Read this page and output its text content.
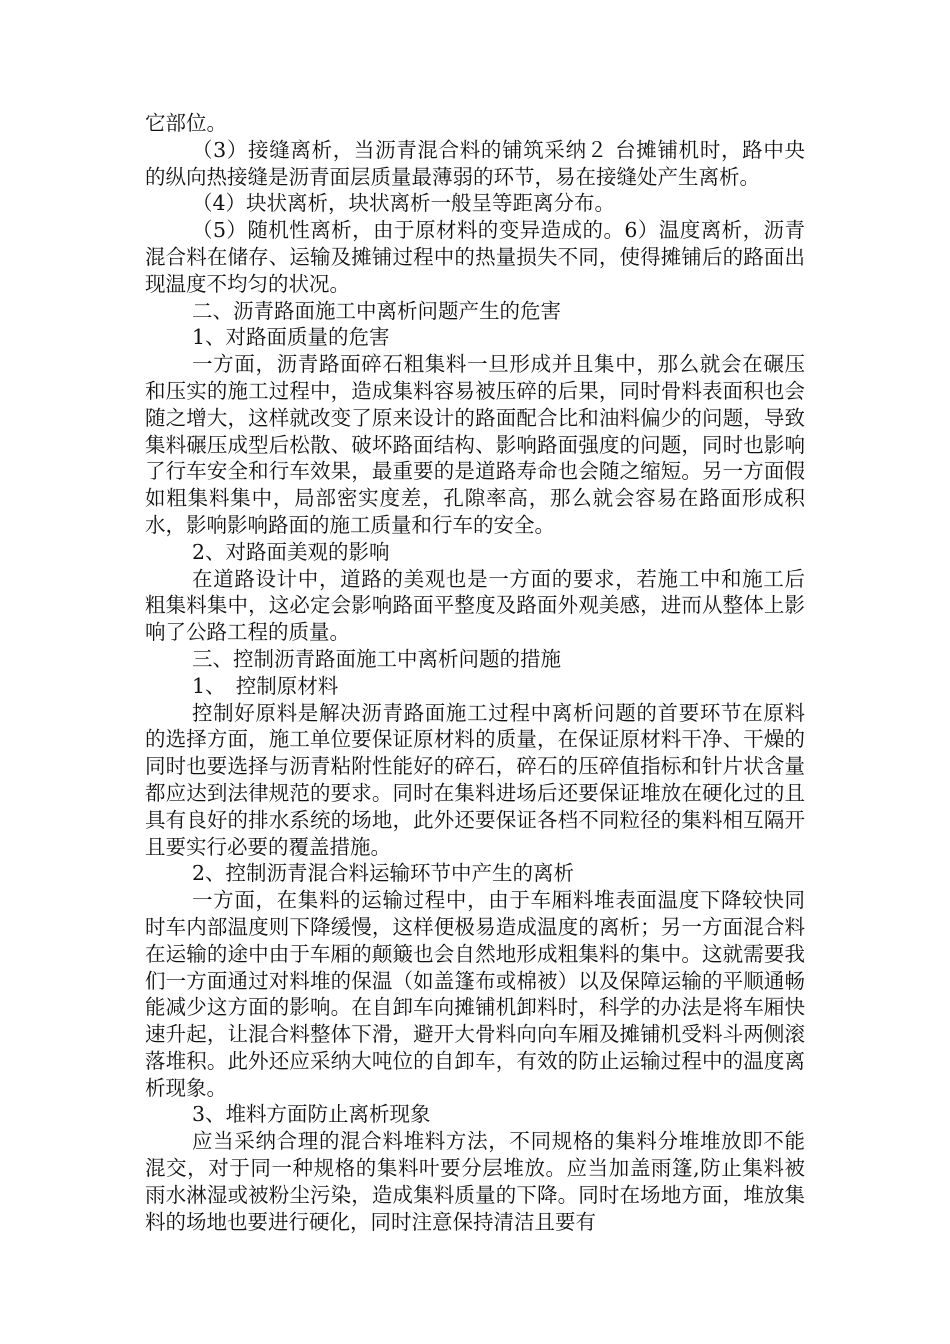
它部位。

（3）接缝离析，当沥青混合料的铺筑采纳２ 台摊铺机时，路中央的纵向热接缝是沥青面层质量最薄弱的环节，易在接缝处产生离析。

（4）块状离析，块状离析一般呈等距离分布。

（5）随机性离析，由于原材料的变异造成的。6）温度离析，沥青混合料在储存、运输及摊铺过程中的热量损失不同，使得摊铺后的路面出现温度不均匀的状况。

二、沥青路面施工中离析问题产生的危害

1、对路面质量的危害

一方面，沥青路面碎石粗集料一旦形成并且集中，那么就会在碾压和压实的施工过程中，造成集料容易被压碎的后果，同时骨料表面积也会随之增大，这样就改变了原来设计的路面配合比和油料偏少的问题，导致集料碾压成型后松散、破坏路面结构、影响路面强度的问题，同时也影响了行车安全和行车效果，最重要的是道路寿命也会随之缩短。另一方面假如粗集料集中，局部密实度差，孔隙率高，那么就会容易在路面形成积水，影响影响路面的施工质量和行车的安全。

2、对路面美观的影响

在道路设计中，道路的美观也是一方面的要求，若施工中和施工后粗集料集中，这必定会影响路面平整度及路面外观美感，进而从整体上影响了公路工程的质量。

三、控制沥青路面施工中离析问题的措施

1、　控制原材料

控制好原料是解决沥青路面施工过程中离析问题的首要环节在原料的选择方面，施工单位要保证原材料的质量，在保证原材料干净、干燥的同时也要选择与沥青粘附性能好的碎石，碎石的压碎值指标和针片状含量都应达到法律规范的要求。同时在集料进场后还要保证堆放在硬化过的且具有良好的排水系统的场地，此外还要保证各档不同粒径的集料相互隔开且要实行必要的覆盖措施。

2、控制沥青混合料运输环节中产生的离析

一方面，在集料的运输过程中，由于车厢料堆表面温度下降较快同时车内部温度则下降缓慢，这样便极易造成温度的离析；另一方面混合料在运输的途中由于车厢的颠簸也会自然地形成粗集料的集中。这就需要我们一方面通过对料堆的保温（如盖篷布或棉被）以及保障运输的平顺通畅能减少这方面的影响。在自卸车向摊铺机卸料时，科学的办法是将车厢快速升起，让混合料整体下滑，避开大骨料向向车厢及摊铺机受料斗两侧滚落堆积。此外还应采纳大吨位的自卸车，有效的防止运输过程中的温度离析现象。

3、堆料方面防止离析现象

应当采纳合理的混合料堆料方法，不同规格的集料分堆堆放即不能混交，对于同一种规格的集料叶要分层堆放。应当加盖雨篷,防止集料被雨水淋湿或被粉尘污染，造成集料质量的下降。同时在场地方面，堆放集料的场地也要进行硬化，同时注意保持清洁且要有
